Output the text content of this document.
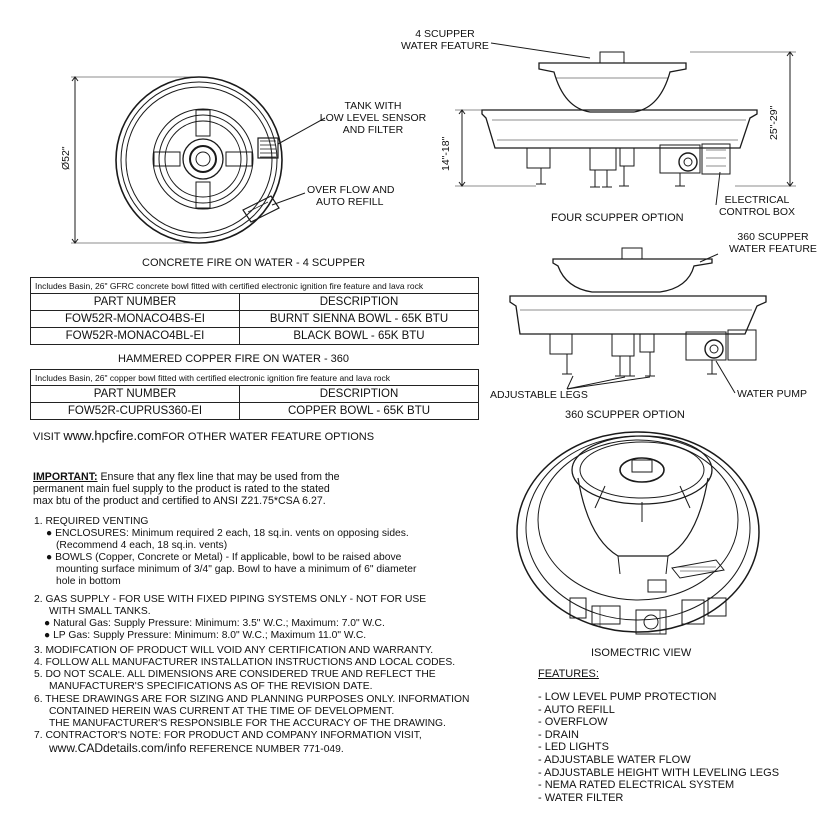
4 SCUPPER
WATER FEATURE
TANK WITH
LOW LEVEL SENSOR
AND FILTER
OVER FLOW AND
AUTO REFILL
Ø52"	14"-18"
25"-29"
ELECTRICAL
CONTROL BOX
FOUR SCUPPER OPTION
360 SCUPPER
WATER FEATURE
ADJUSTABLE LEGS	WATER PUMP
360 SCUPPER OPTION
ISOMECTRIC VIEW
CONCRETE FIRE ON WATER - 4 SCUPPER
Includes Basin, 26" GFRC concrete bowl fitted with certified electronic ignition fire feature and lava rock	
PART NUMBER	DESCRIPTION
FOW52R-MONACO4BS-EI	BURNT SIENNA BOWL - 65K BTU
FOW52R-MONACO4BL-EI	BLACK BOWL - 65K BTU
HAMMERED COPPER FIRE ON WATER - 360
Includes Basin, 26" copper bowl fitted with certified electronic ignition fire feature and lava rock	
PART NUMBER	DESCRIPTION
FOW52R-CUPRUS360-EI	COPPER BOWL - 65K BTU
VISIT www.hpcfire.comFOR OTHER WATER FEATURE OPTIONS
IMPORTANT: Ensure that any flex line that may be used from the
permanent main fuel supply to the product is rated to the stated
max btu of the product and certified to ANSI Z21.75*CSA 6.27.
1. REQUIRED VENTING
● ENCLOSURES: Minimum required 2 each, 18 sq.in. vents on opposing sides.
(Recommend 4 each, 18 sq.in. vents)
● BOWLS (Copper, Concrete or Metal) - If applicable, bowl to be raised above
mounting surface minimum of 3/4" gap. Bowl to have a minimum of 6" diameter
hole in bottom
2. GAS SUPPLY - FOR USE WITH FIXED PIPING SYSTEMS ONLY - NOT FOR USE
WITH SMALL TANKS.
● Natural Gas: Supply Pressure: Minimum: 3.5" W.C.; Maximum: 7.0" W.C.
● LP Gas: Supply Pressure: Minimum: 8.0" W.C.; Maximum 11.0" W.C.
3. MODIFCATION OF PRODUCT WILL VOID ANY CERTIFICATION AND WARRANTY.
4. FOLLOW ALL MANUFACTURER INSTALLATION INSTRUCTIONS AND LOCAL CODES.
5. DO NOT SCALE. ALL DIMENSIONS ARE CONSIDERED TRUE AND REFLECT THE
MANUFACTURER'S SPECIFICATIONS AS OF THE REVISION DATE.
6. THESE DRAWINGS ARE FOR SIZING AND PLANNING PURPOSES ONLY. INFORMATION
CONTAINED HEREIN WAS CURRENT AT THE TIME OF DEVELOPMENT.
THE MANUFACTURER'S RESPONSIBLE FOR THE ACCURACY OF THE DRAWING.
7. CONTRACTOR'S NOTE: FOR PRODUCT AND COMPANY INFORMATION VISIT,
www.CADdetails.com/info REFERENCE NUMBER 771-049.
FEATURES:
- LOW LEVEL PUMP PROTECTION
- AUTO REFILL
- OVERFLOW
- DRAIN
- LED LIGHTS
- ADJUSTABLE WATER FLOW
- ADJUSTABLE HEIGHT WITH LEVELING LEGS
- NEMA RATED ELECTRICAL SYSTEM
- WATER FILTER
